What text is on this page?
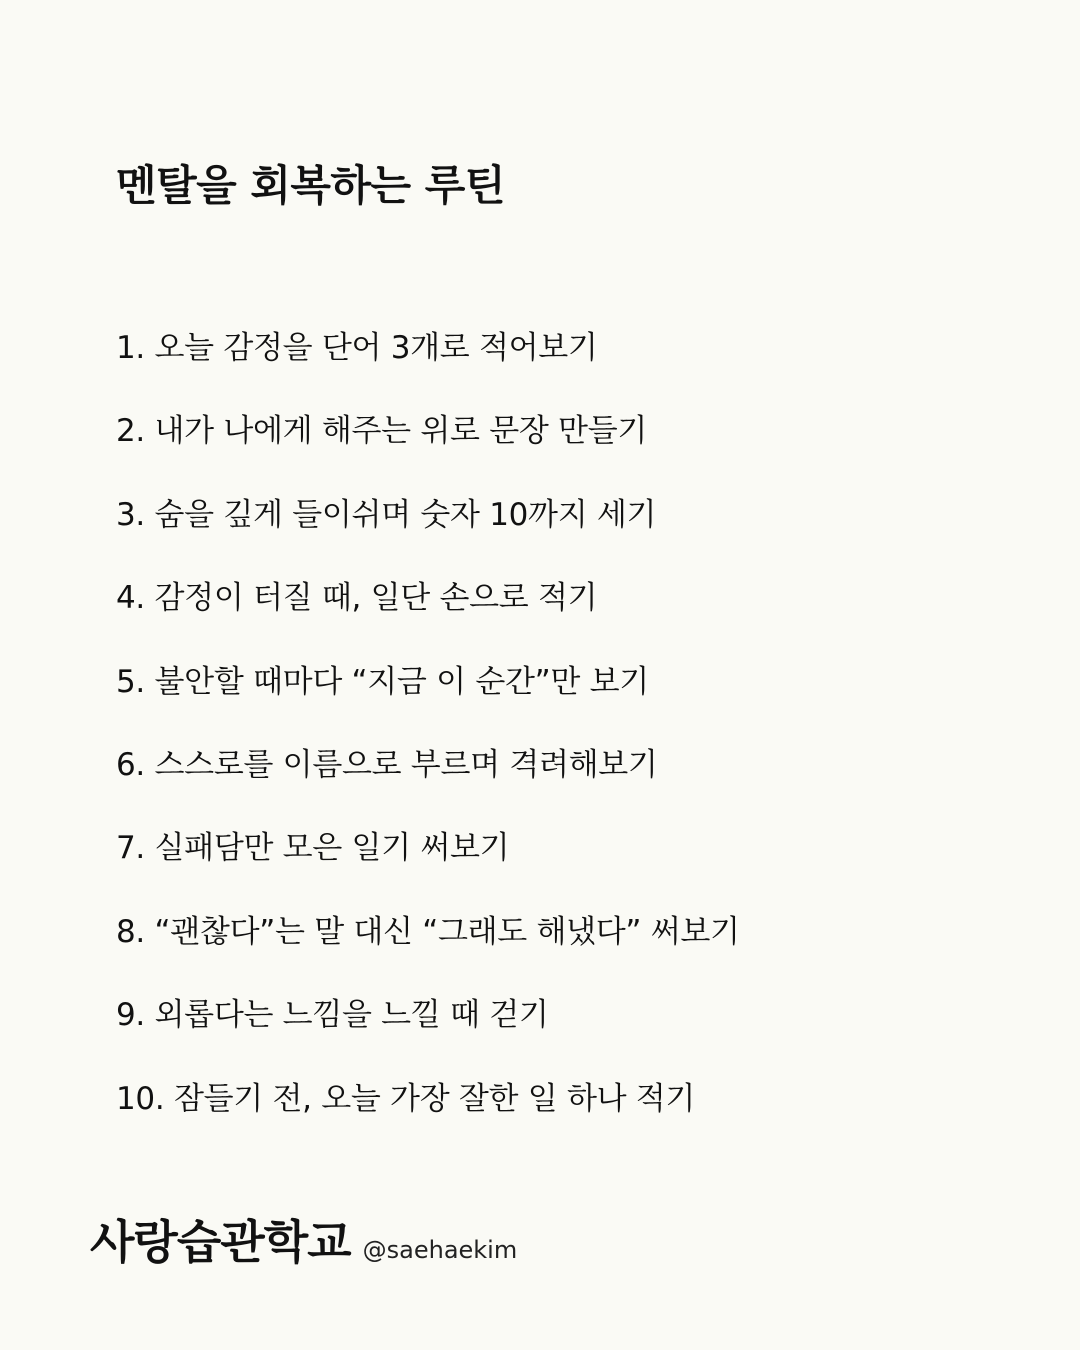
멘탈을 회복하는 루틴
1. 오늘 감정을 단어 3개로 적어보기
2. 내가 나에게 해주는 위로 문장 만들기
3. 숨을 깊게 들이쉬며 숫자 10까지 세기
4. 감정이 터질 때, 일단 손으로 적기
5. 불안할 때마다 “지금 이 순간”만 보기
6. 스스로를 이름으로 부르며 격려해보기
7. 실패담만 모은 일기 써보기
8. “괜찮다”는 말 대신 “그래도 해냈다” 써보기
9. 외롭다는 느낌을 느낄 때 걷기
10. 잠들기 전, 오늘 가장 잘한 일 하나 적기
사랑습관학교 @saehaekim
